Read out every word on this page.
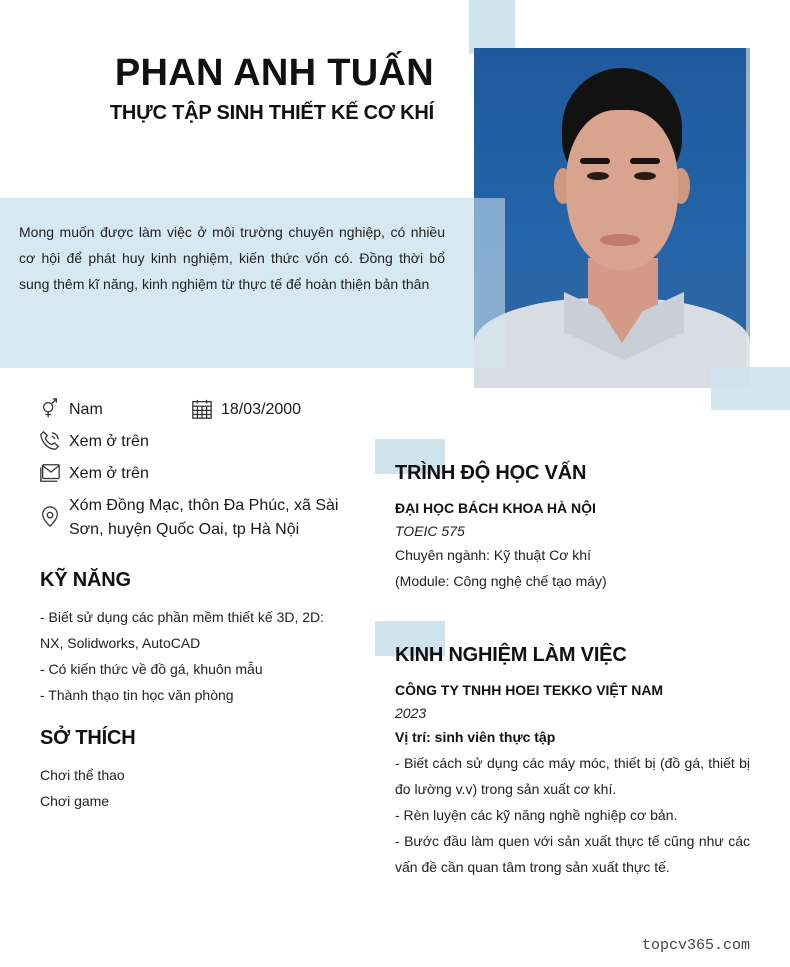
PHAN ANH TUẤN
THỰC TẬP SINH THIẾT KẾ CƠ KHÍ
Mong muốn được làm việc ở môi trường chuyên nghiệp, có nhiều cơ hội để phát huy kinh nghiệm, kiến thức vốn có. Đồng thời bổ sung thêm kĩ năng, kinh nghiệm từ thực tế để hoàn thiện bản thân
Nam	18/03/2000
Xem ở trên
Xem ở trên
Xóm Đồng Mạc, thôn Đa Phúc, xã Sài Sơn, huyện Quốc Oai, tp Hà Nội
KỸ NĂNG
- Biết sử dụng các phần mềm thiết kế 3D, 2D: NX, Solidworks, AutoCAD
- Có kiến thức về đồ gá, khuôn mẫu
- Thành thạo tin học văn phòng
SỞ THÍCH
Chơi thể thao
Chơi game
TRÌNH ĐỘ HỌC VẤN
ĐẠI HỌC BÁCH KHOA HÀ NỘI
TOEIC 575
Chuyên ngành: Kỹ thuật Cơ khí
(Module: Công nghệ chế tạo máy)
KINH NGHIỆM LÀM VIỆC
CÔNG TY TNHH HOEI TEKKO VIỆT NAM
2023
Vị trí: sinh viên thực tập
- Biết cách sử dụng các máy móc, thiết bị (đồ gá, thiết bị đo lường v.v) trong sản xuất cơ khí.
- Rèn luyện các kỹ năng nghề nghiệp cơ bản.
- Bước đầu làm quen với sản xuất thực tế cũng như các vấn đề cần quan tâm trong sản xuất thực tế.
topcv365.com
